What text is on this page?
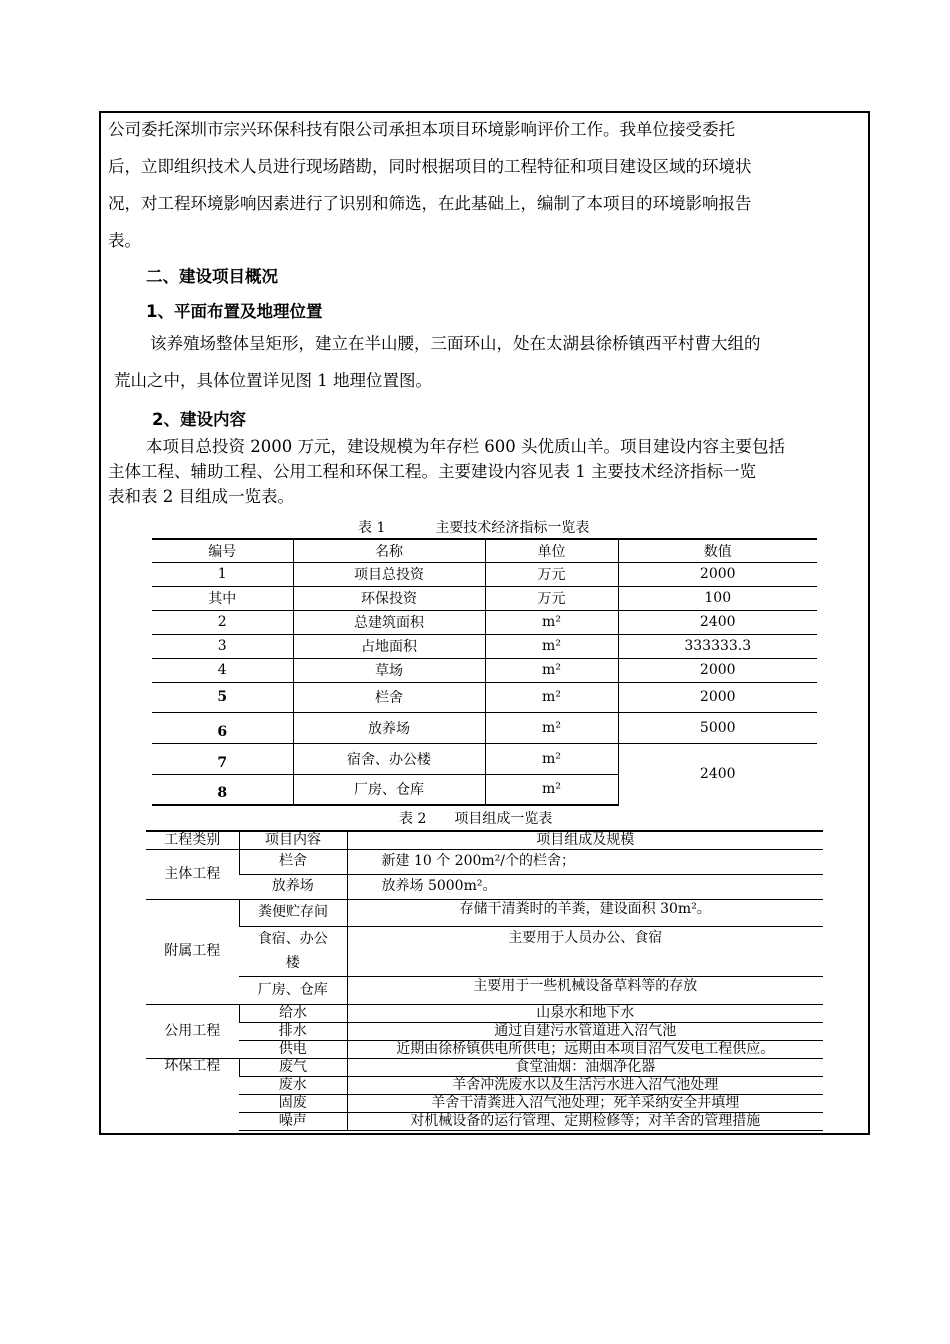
公司委托深圳市宗兴环保科技有限公司承担本项目环境影响评价工作。我单位接受委托
后，立即组织技术人员进行现场踏勘，同时根据项目的工程特征和项目建设区域的环境状
况，对工程环境影响因素进行了识别和筛选，在此基础上，编制了本项目的环境影响报告
表。

二、建设项目概况

1、平面布置及地理位置

该养殖场整体呈矩形，建立在半山腰，三面环山，处在太湖县徐桥镇西平村曹大组的
荒山之中，具体位置详见图 1 地理位置图。

2、建设内容

本项目总投资 2000 万元，建设规模为年存栏 600 头优质山羊。项目建设内容主要包括
主体工程、辅助工程、公用工程和环保工程。主要建设内容见表 1 主要技术经济指标一览
表和表 2 目组成一览表。

表 1	主要技术经济指标一览表

编号	名称	单位	数值
1	项目总投资	万元	2000
其中	环保投资	万元	100
2	总建筑面积	m²	2400
3	占地面积	m²	333333.3
4	草场	m²	2000
5	栏舍	m²	2000
6	放养场	m²	5000
7	宿舍、办公楼	m²	2400
8	厂房、仓库	m²	

表 2 项目组成一览表

工程类别	项目内容	项目组成及规模
主体工程	栏舍	新建 10 个 200m²/个的栏舍；
	放养场	放养场 5000m²。
附属工程	粪便贮存间	存储干清粪时的羊粪，建设面积 30m²。
	食宿、办公楼	主要用于人员办公、食宿
	厂房、仓库	主要用于一些机械设备草料等的存放
公用工程	给水	山泉水和地下水
	排水	通过自建污水管道进入沼气池
	供电	近期由徐桥镇供电所供电；远期由本项目沼气发电工程供应。
环保工程	废气	食堂油烟：油烟净化器
	废水	羊舍冲洗废水以及生活污水进入沼气池处理
	固废	羊舍干清粪进入沼气池处理；死羊采纳安全井填埋
	噪声	对机械设备的运行管理、定期检修等；对羊舍的管理措施
